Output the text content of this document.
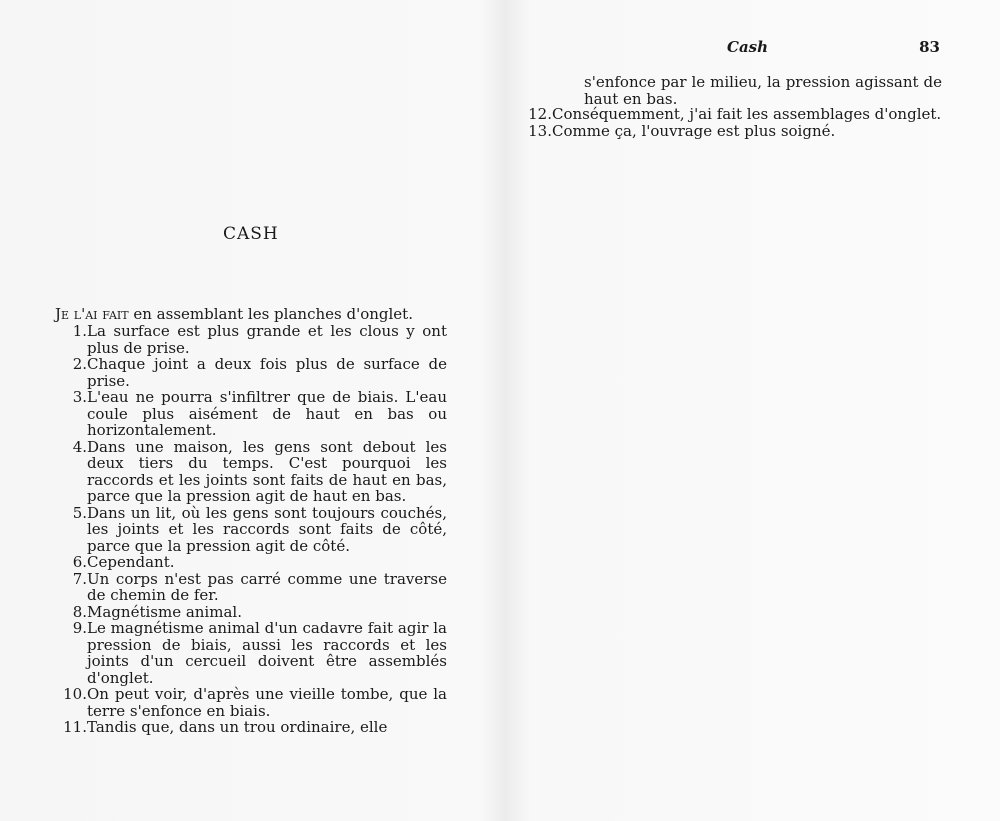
CASH

Je l'ai fait en assemblant les planches d'onglet.

1. La surface est plus grande et les clous y ont plus de prise.
2. Chaque joint a deux fois plus de surface de prise.
3. L'eau ne pourra s'infiltrer que de biais. L'eau coule plus aisément de haut en bas ou horizontalement.
4. Dans une maison, les gens sont debout les deux tiers du temps. C'est pourquoi les raccords et les joints sont faits de haut en bas, parce que la pression agit de haut en bas.
5. Dans un lit, où les gens sont toujours couchés, les joints et les raccords sont faits de côté, parce que la pression agit de côté.
6. Cependant.
7. Un corps n'est pas carré comme une traverse de chemin de fer.
8. Magnétisme animal.
9. Le magnétisme animal d'un cadavre fait agir la pression de biais, aussi les raccords et les joints d'un cercueil doivent être assemblés d'onglet.
10. On peut voir, d'après une vieille tombe, que la terre s'enfonce en biais.
11. Tandis que, dans un trou ordinaire, elle
Cash	83

s'enfonce par le milieu, la pression agissant de haut en bas.

12. Conséquemment, j'ai fait les assemblages d'onglet.
13. Comme ça, l'ouvrage est plus soigné.
